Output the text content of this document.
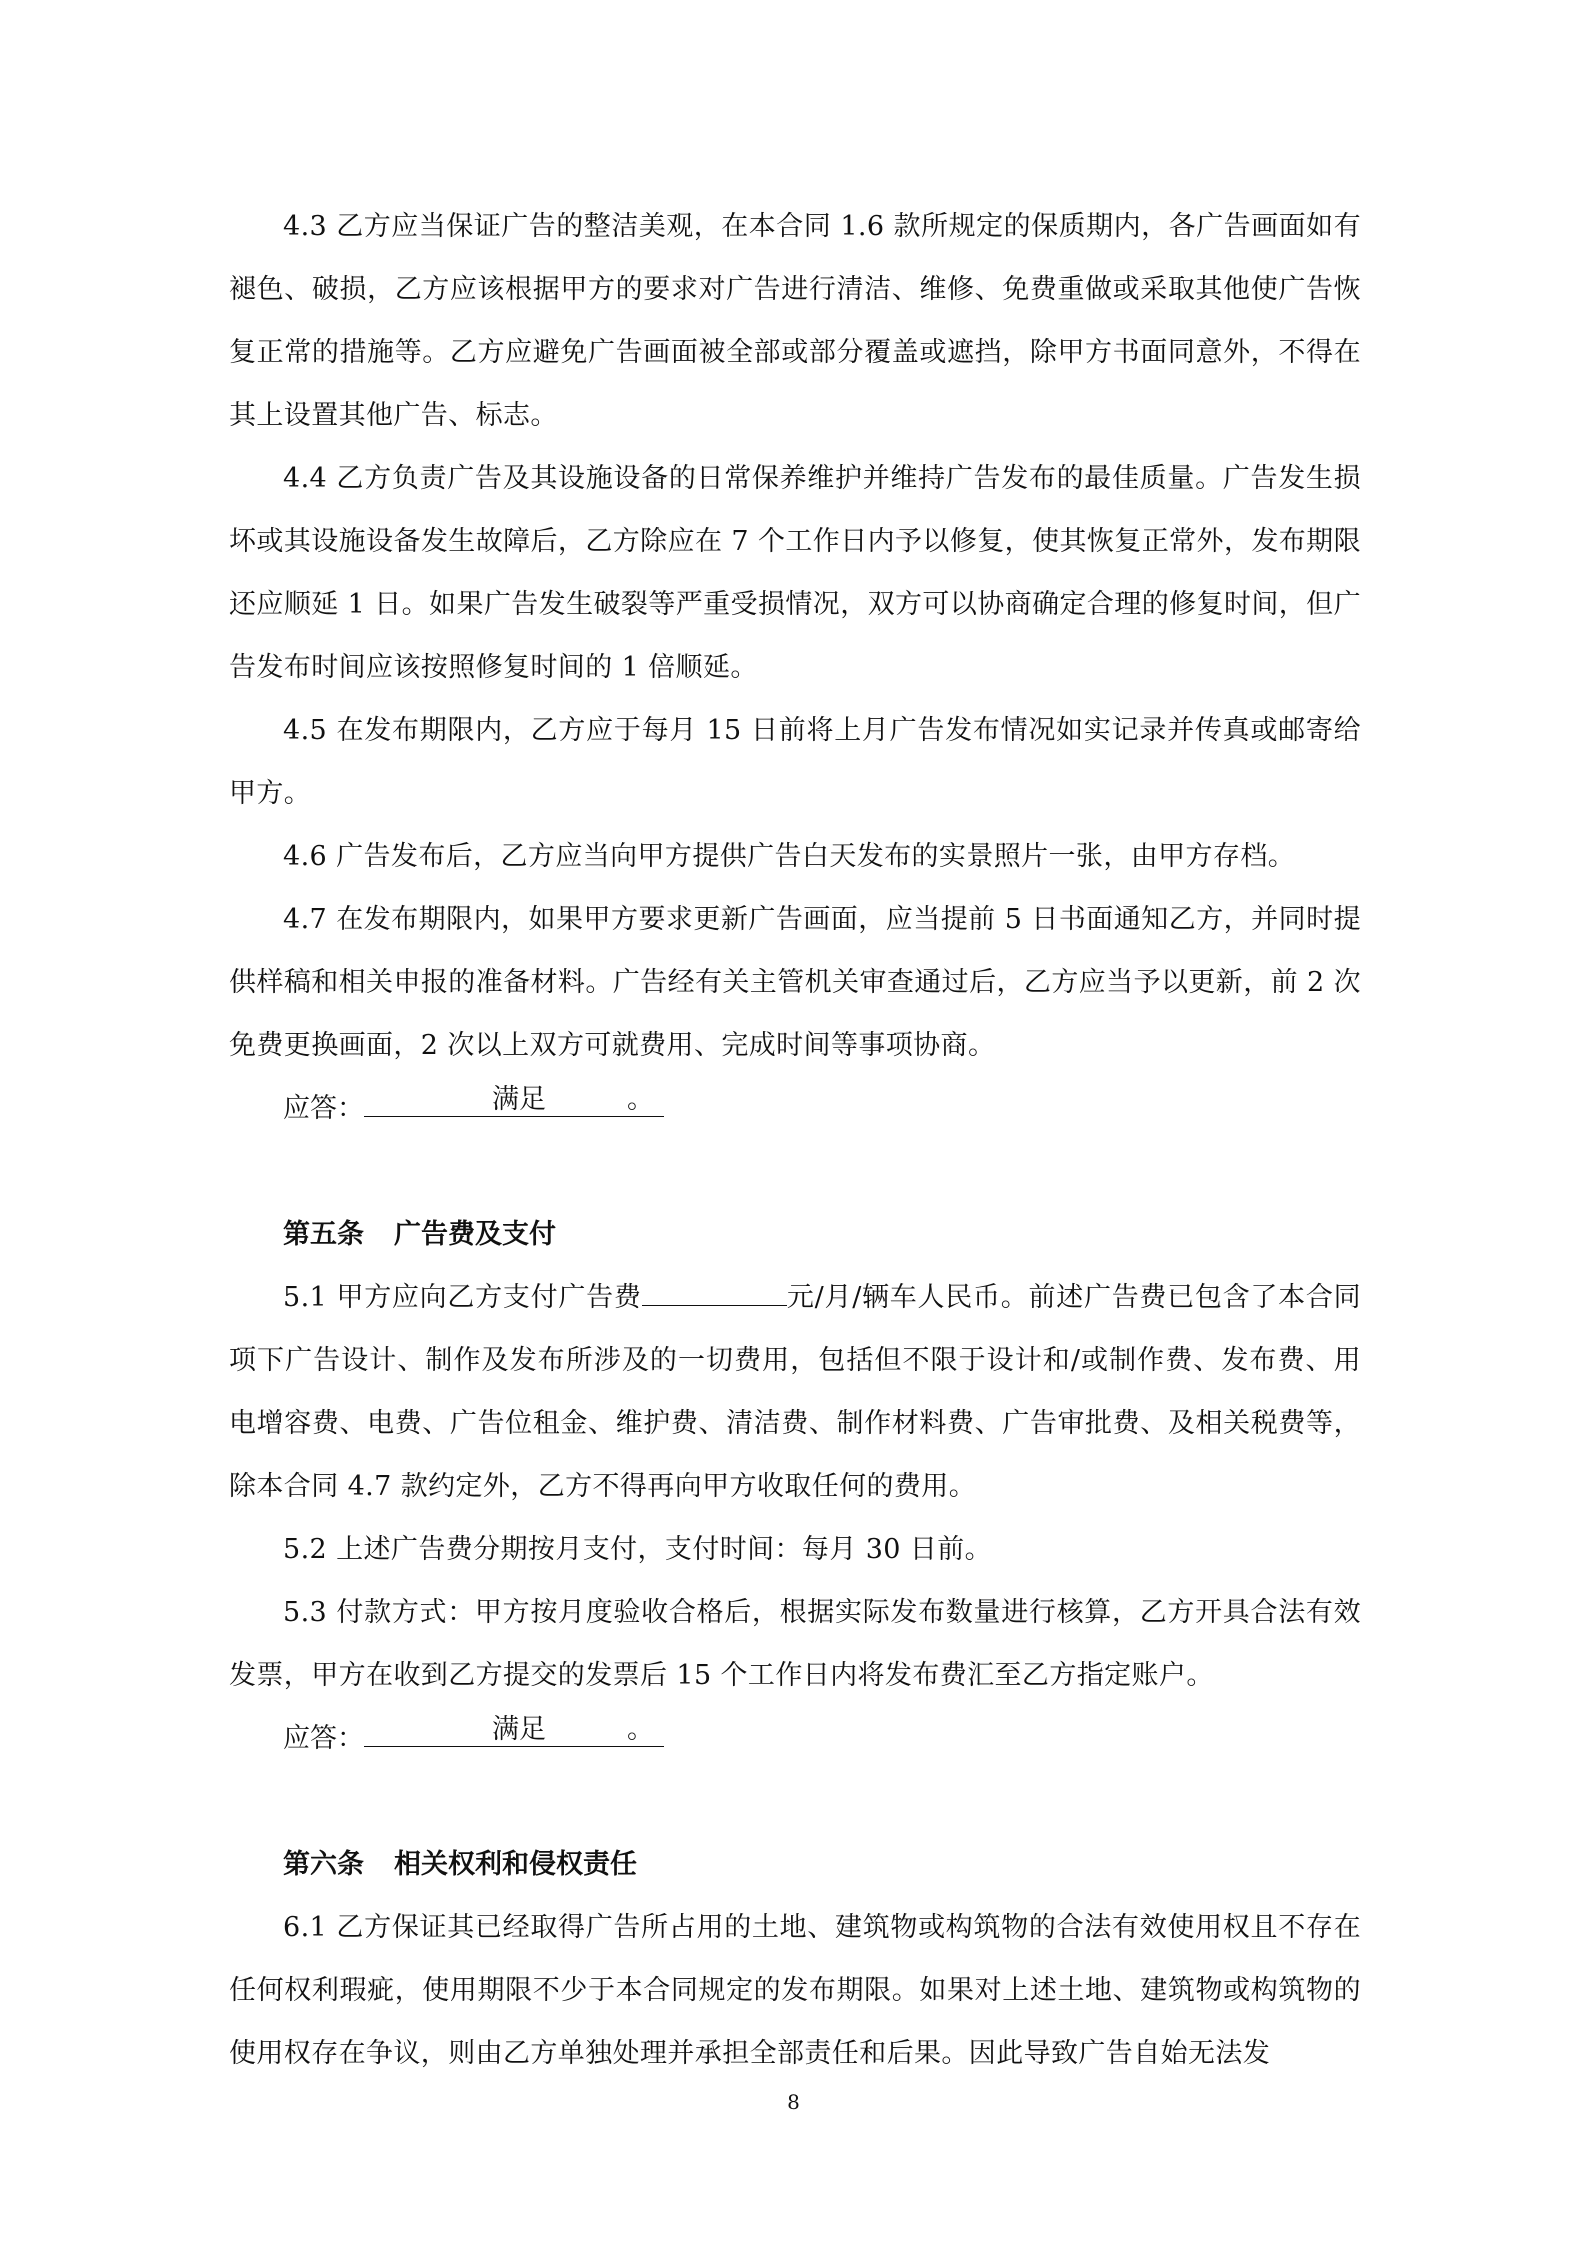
4.3 乙方应当保证广告的整洁美观，在本合同 1.6 款所规定的保质期内，各广告画面如有褪色、破损，乙方应该根据甲方的要求对广告进行清洁、维修、免费重做或采取其他使广告恢复正常的措施等。乙方应避免广告画面被全部或部分覆盖或遮挡，除甲方书面同意外，不得在其上设置其他广告、标志。

4.4 乙方负责广告及其设施设备的日常保养维护并维持广告发布的最佳质量。广告发生损坏或其设施设备发生故障后，乙方除应在 7 个工作日内予以修复，使其恢复正常外，发布期限还应顺延 1 日。如果广告发生破裂等严重受损情况，双方可以协商确定合理的修复时间，但广告发布时间应该按照修复时间的 1 倍顺延。

4.5 在发布期限内，乙方应于每月 15 日前将上月广告发布情况如实记录并传真或邮寄给甲方。

4.6 广告发布后，乙方应当向甲方提供广告白天发布的实景照片一张，由甲方存档。

4.7 在发布期限内，如果甲方要求更新广告画面，应当提前 5 日书面通知乙方，并同时提供样稿和相关申报的准备材料。广告经有关主管机关审查通过后，乙方应当予以更新，前 2 次免费更换画面，2 次以上双方可就费用、完成时间等事项协商。

应答：	满足	。

第五条 广告费及支付

5.1 甲方应向乙方支付广告费	元/月/辆车人民币。前述广告费已包含了本合同项下广告设计、制作及发布所涉及的一切费用，包括但不限于设计和/或制作费、发布费、用电增容费、电费、广告位租金、维护费、清洁费、制作材料费、广告审批费、及相关税费等，除本合同 4.7 款约定外，乙方不得再向甲方收取任何的费用。

5.2 上述广告费分期按月支付，支付时间：每月 30 日前。

5.3 付款方式：甲方按月度验收合格后，根据实际发布数量进行核算，乙方开具合法有效发票，甲方在收到乙方提交的发票后 15 个工作日内将发布费汇至乙方指定账户。

应答：	满足	。

第六条 相关权利和侵权责任

6.1 乙方保证其已经取得广告所占用的土地、建筑物或构筑物的合法有效使用权且不存在任何权利瑕疵，使用期限不少于本合同规定的发布期限。如果对上述土地、建筑物或构筑物的使用权存在争议，则由乙方单独处理并承担全部责任和后果。因此导致广告自始无法发

8
